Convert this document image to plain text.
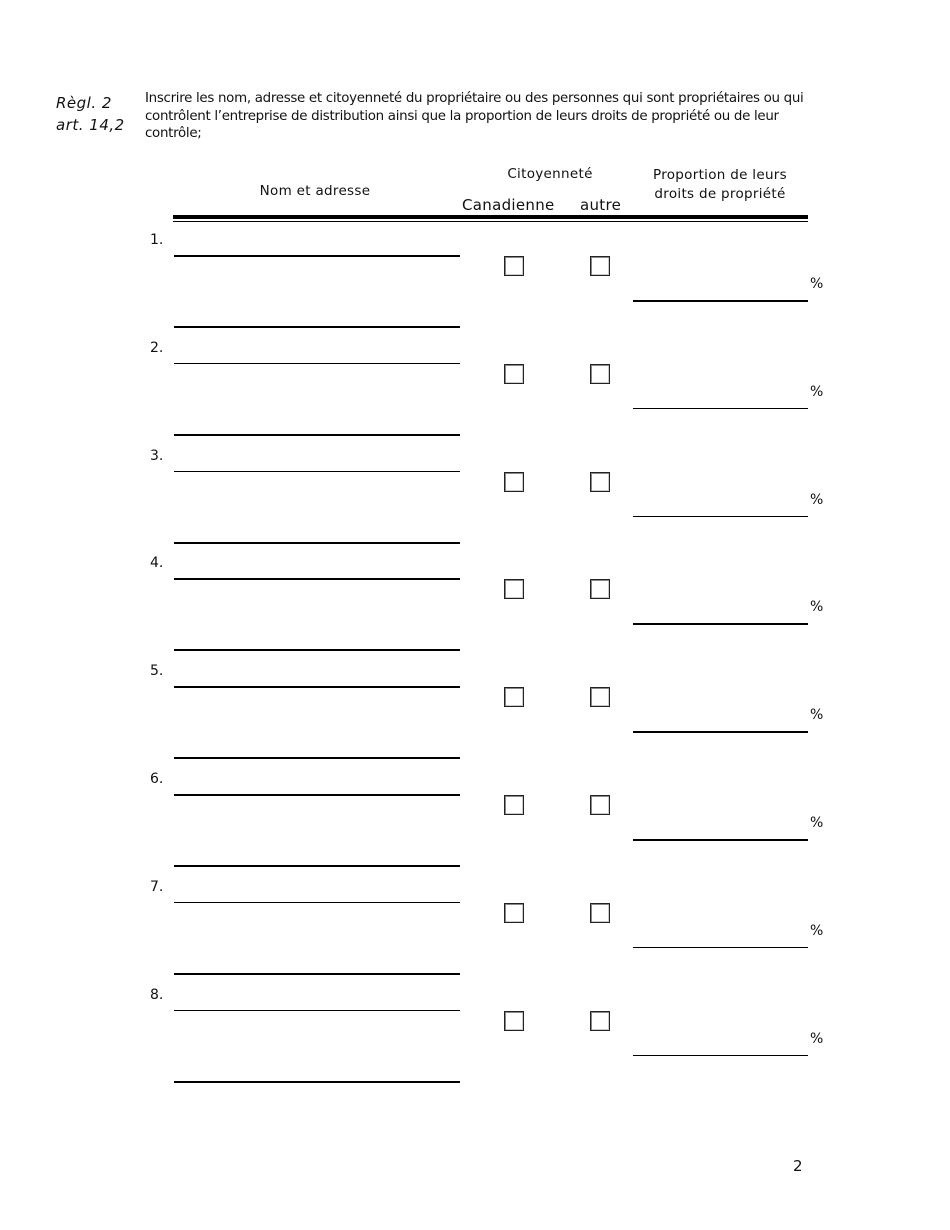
Règl. 2
art. 14,2
Inscrire les nom, adresse et citoyenneté du propriétaire ou des personnes qui sont propriétaires ou qui contrôlent l’entreprise de distribution ainsi que la proportion de leurs droits de propriété ou de leur contrôle;
Nom et adresse
Citoyenneté
Canadienne autre
Proportion de leurs
droits de propriété
1.
%
2.
%
3.
%
4.
%
5.
%
6.
%
7.
%
8.
%
2
